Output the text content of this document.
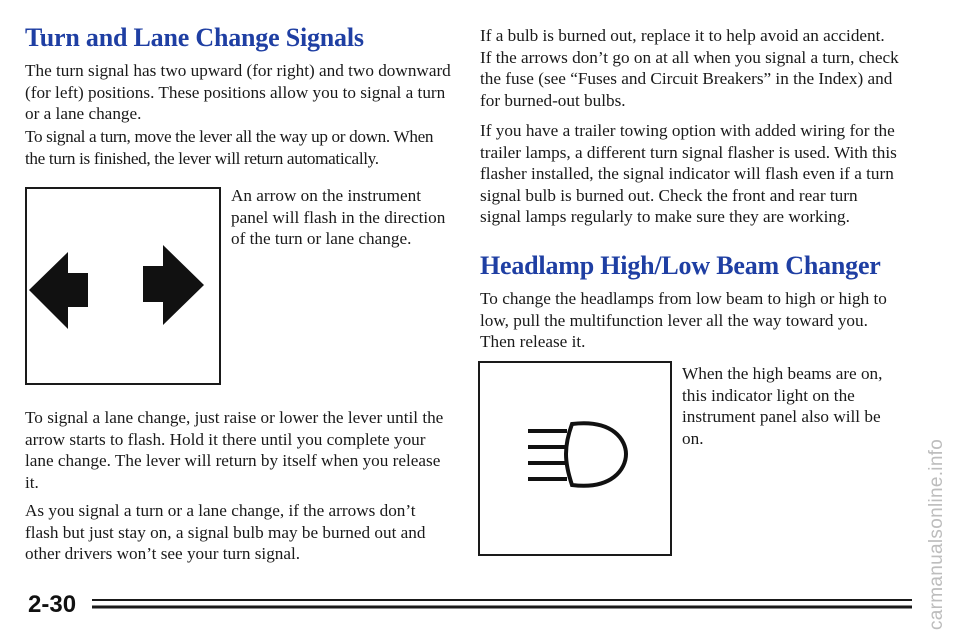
Turn and Lane Change Signals

The turn signal has two upward (for right) and two downward (for left) positions. These positions allow you to signal a turn or a lane change.

To signal a turn, move the lever all the way up or down. When the turn is finished, the lever will return automatically.

An arrow on the instrument panel will flash in the direction of the turn or lane change.

To signal a lane change, just raise or lower the lever until the arrow starts to flash. Hold it there until you complete your lane change. The lever will return by itself when you release it.

As you signal a turn or a lane change, if the arrows don’t flash but just stay on, a signal bulb may be burned out and other drivers won’t see your turn signal.

If a bulb is burned out, replace it to help avoid an accident. If the arrows don’t go on at all when you signal a turn, check the fuse (see “Fuses and Circuit Breakers” in the Index) and for burned-out bulbs.

If you have a trailer towing option with added wiring for the trailer lamps, a different turn signal flasher is used. With this flasher installed, the signal indicator will flash even if a turn signal bulb is burned out. Check the front and rear turn signal lamps regularly to make sure they are working.

Headlamp High/Low Beam Changer

To change the headlamps from low beam to high or high to low, pull the multifunction lever all the way toward you. Then release it.

When the high beams are on, this indicator light on the instrument panel also will be on.

2-30	carmanualsonline.info
